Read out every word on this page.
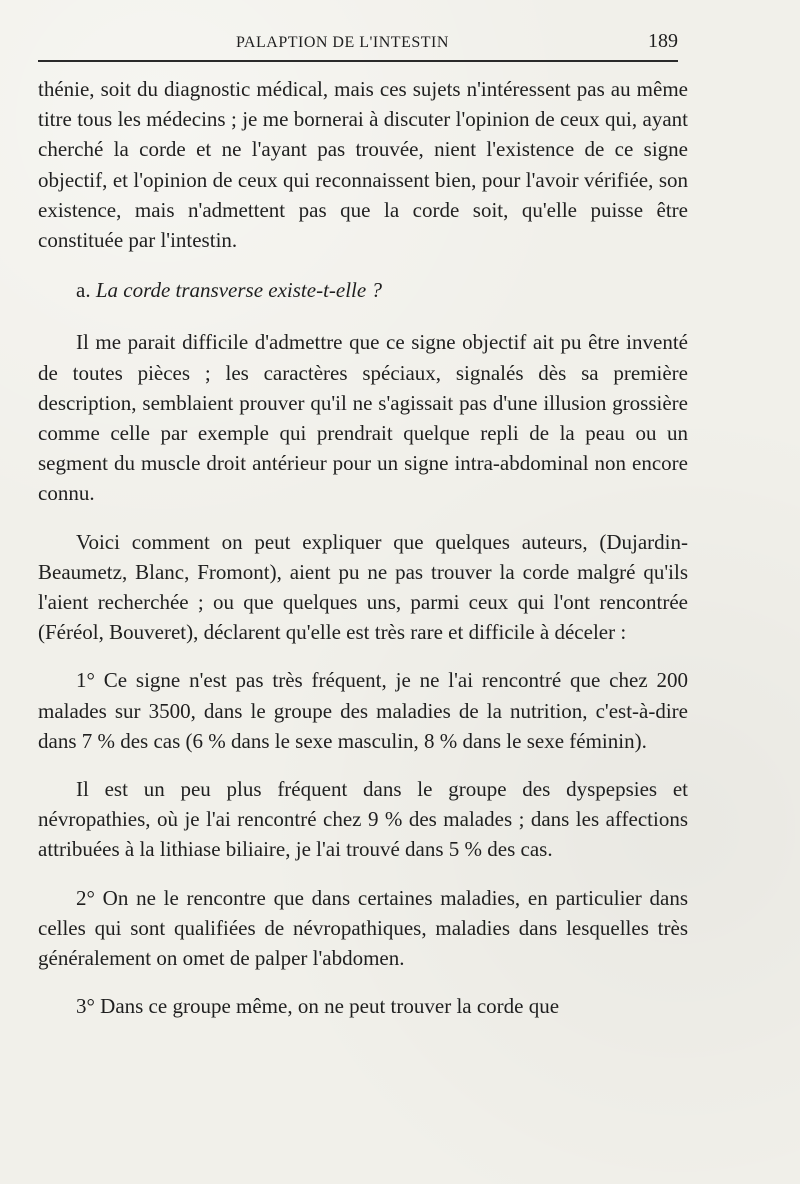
PALAPTION DE L'INTESTIN	189

thénie, soit du diagnostic médical, mais ces sujets n'intéressent pas au même titre tous les médecins ; je me bornerai à discuter l'opinion de ceux qui, ayant cherché la corde et ne l'ayant pas trouvée, nient l'existence de ce signe objectif, et l'opinion de ceux qui reconnaissent bien, pour l'avoir vérifiée, son existence, mais n'admettent pas que la corde soit, qu'elle puisse être constituée par l'intestin.

a. La corde transverse existe-t-elle ?

Il me parait difficile d'admettre que ce signe objectif ait pu être inventé de toutes pièces ; les caractères spéciaux, signalés dès sa première description, semblaient prouver qu'il ne s'agissait pas d'une illusion grossière comme celle par exemple qui prendrait quelque repli de la peau ou un segment du muscle droit antérieur pour un signe intra-abdominal non encore connu.

Voici comment on peut expliquer que quelques auteurs, (Dujardin-Beaumetz, Blanc, Fromont), aient pu ne pas trouver la corde malgré qu'ils l'aient recherchée ; ou que quelques uns, parmi ceux qui l'ont rencontrée (Féréol, Bouveret), déclarent qu'elle est très rare et difficile à déceler :

1° Ce signe n'est pas très fréquent, je ne l'ai rencontré que chez 200 malades sur 3500, dans le groupe des maladies de la nutrition, c'est-à-dire dans 7 % des cas (6 % dans le sexe masculin, 8 % dans le sexe féminin).

Il est un peu plus fréquent dans le groupe des dyspepsies et névropathies, où je l'ai rencontré chez 9 % des malades ; dans les affections attribuées à la lithiase biliaire, je l'ai trouvé dans 5 % des cas.

2° On ne le rencontre que dans certaines maladies, en particulier dans celles qui sont qualifiées de névropathiques, maladies dans lesquelles très généralement on omet de palper l'abdomen.

3° Dans ce groupe même, on ne peut trouver la corde que
